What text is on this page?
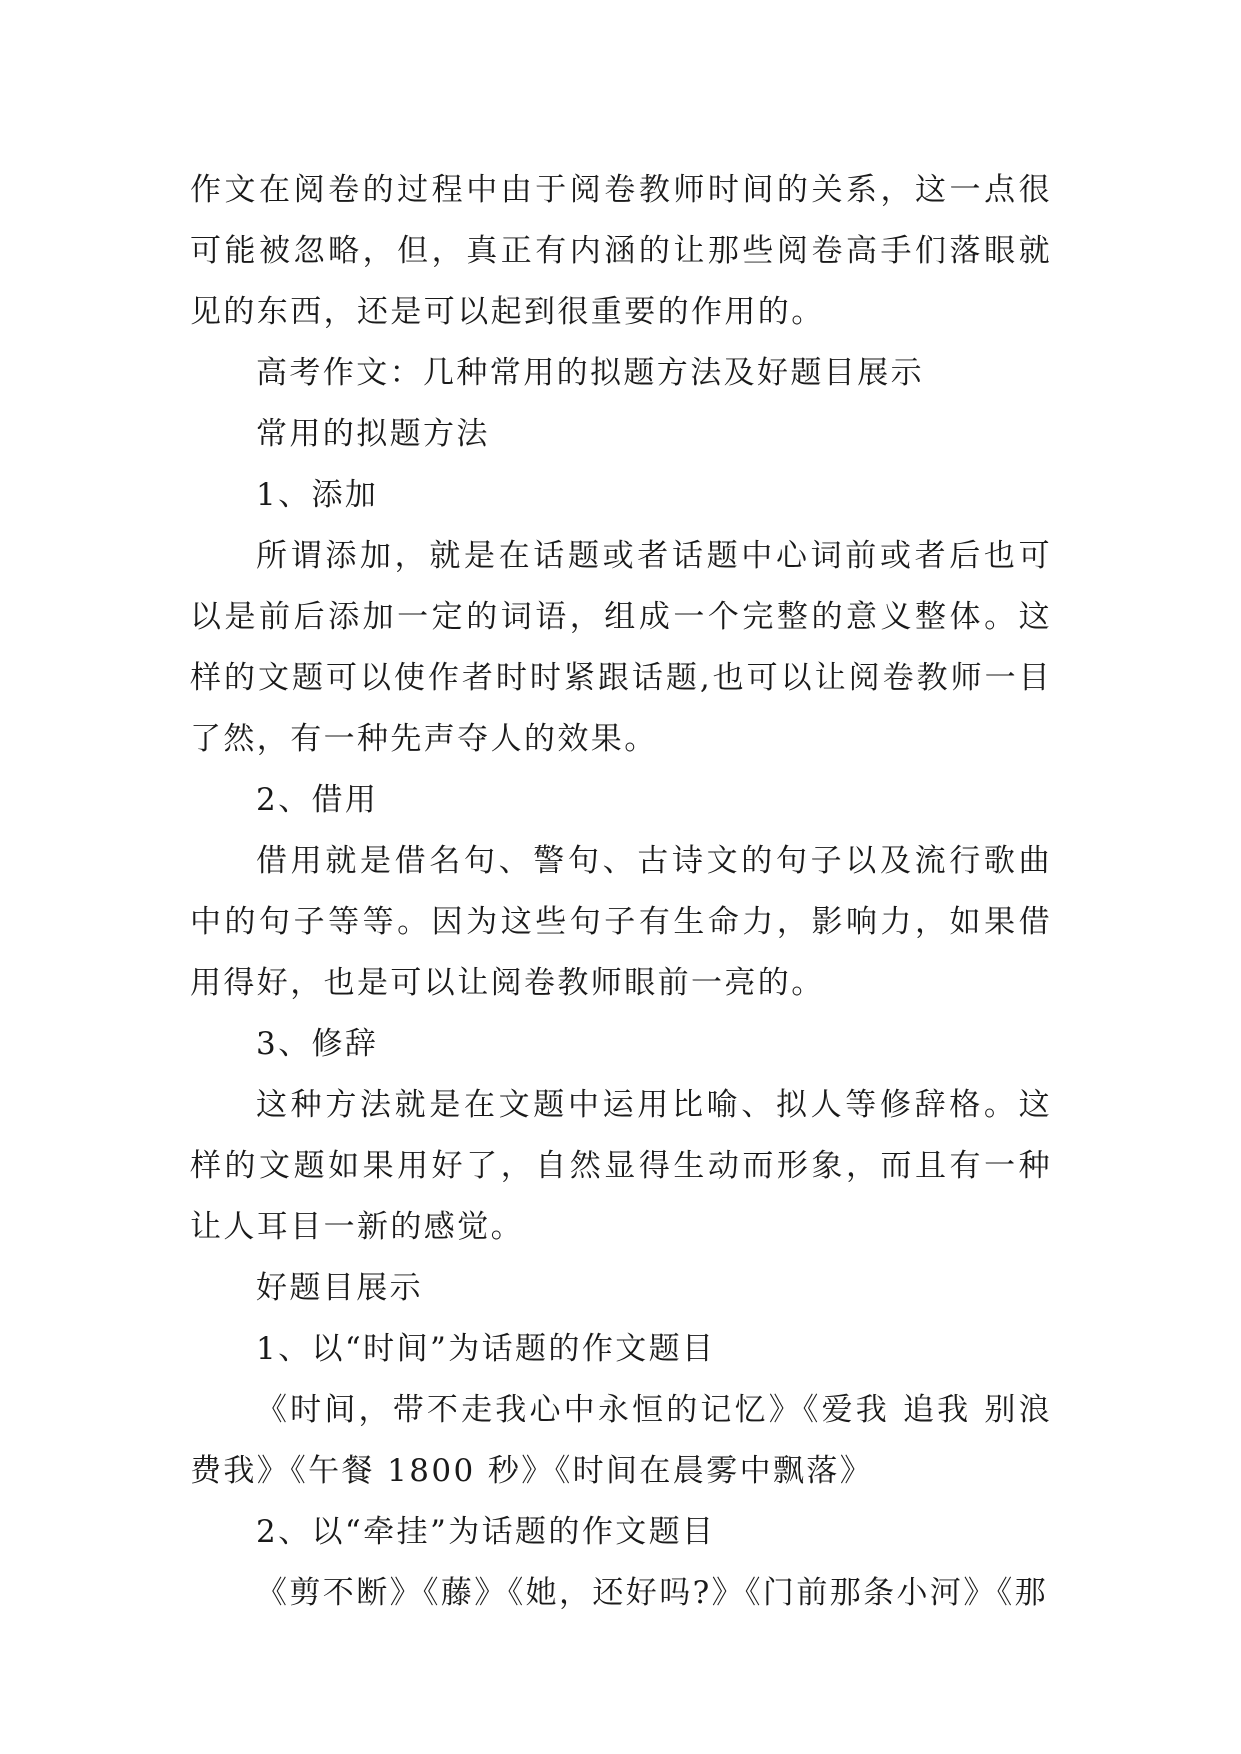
作文在阅卷的过程中由于阅卷教师时间的关系，这一点很可能被忽略，但，真正有内涵的让那些阅卷高手们落眼就见的东西，还是可以起到很重要的作用的。

高考作文：几种常用的拟题方法及好题目展示

常用的拟题方法

1、添加

所谓添加，就是在话题或者话题中心词前或者后也可以是前后添加一定的词语，组成一个完整的意义整体。这样的文题可以使作者时时紧跟话题,也可以让阅卷教师一目了然，有一种先声夺人的效果。

2、借用

借用就是借名句、警句、古诗文的句子以及流行歌曲中的句子等等。因为这些句子有生命力，影响力，如果借用得好，也是可以让阅卷教师眼前一亮的。

3、修辞

这种方法就是在文题中运用比喻、拟人等修辞格。这样的文题如果用好了，自然显得生动而形象，而且有一种让人耳目一新的感觉。

好题目展示

1、以“时间”为话题的作文题目

《时间，带不走我心中永恒的记忆》《爱我 追我 别浪费我》《午餐 1800 秒》《时间在晨雾中飘落》

2、以“牵挂”为话题的作文题目

《剪不断》《藤》《她，还好吗?》《门前那条小河》《那
